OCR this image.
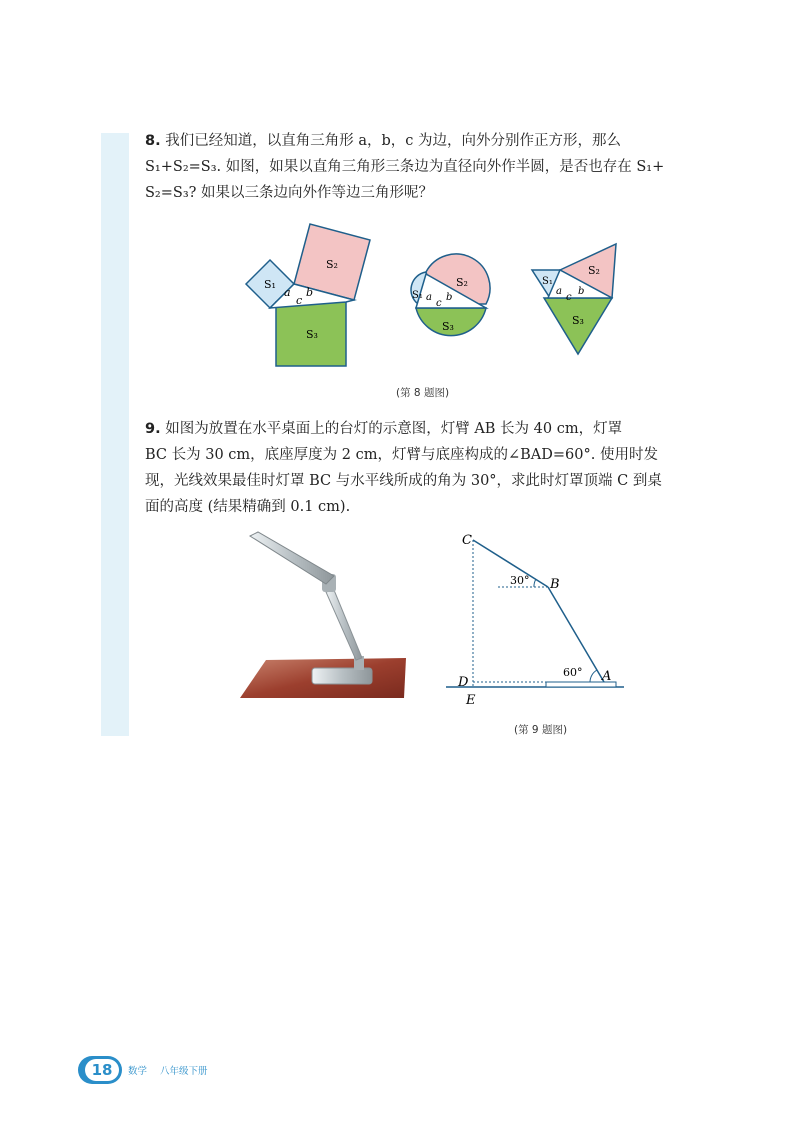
8. 我们已经知道，以直角三角形 a，b，c 为边，向外分别作正方形，那么
S₁+S₂=S₃. 如图，如果以直角三角形三条边为直径向外作半圆，是否也存在 S₁+
S₂=S₃? 如果以三条边向外作等边三角形呢？

S₁
S₂
S₃
a
c
b	S₁
S₂
S₃
a
c
b
S₁
S₂
S₃
a
c
b
(第 8 题图)

9. 如图为放置在水平桌面上的台灯的示意图，灯臂 AB 长为 40 cm，灯罩
BC 长为 30 cm，底座厚度为 2 cm，灯臂与底座构成的∠BAD=60°. 使用时发
现，光线效果最佳时灯罩 BC 与水平线所成的角为 30°，求此时灯罩顶端 C 到桌
面的高度 (结果精确到 0.1 cm).

C
B
30°
60° A
D
E
(第 9 题图)
18	数学 八年级下册
